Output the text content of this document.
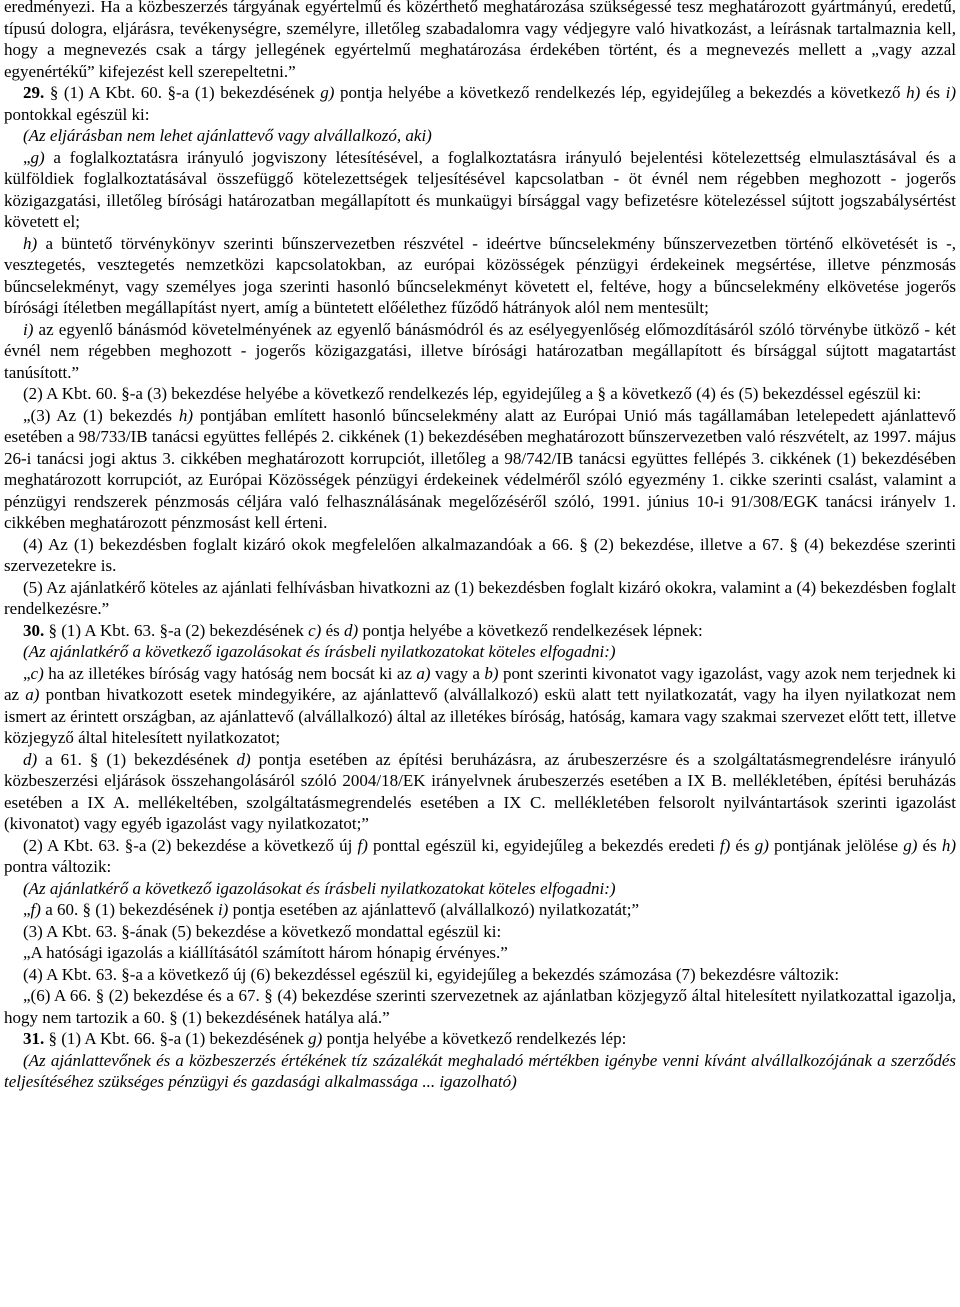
eredményezi. Ha a közbeszerzés tárgyának egyértelmű és közérthető meghatározása szükségessé tesz meghatározott gyártmányú, eredetű, típusú dologra, eljárásra, tevékenységre, személyre, illetőleg szabadalomra vagy védjegyre való hivatkozást, a leírásnak tartalmaznia kell, hogy a megnevezés csak a tárgy jellegének egyértelmű meghatározása érdekében történt, és a megnevezés mellett a „vagy azzal egyenértékű” kifejezést kell szerepeltetni.”

29. § (1) A Kbt. 60. §-a (1) bekezdésének g) pontja helyébe a következő rendelkezés lép, egyidejűleg a bekezdés a következő h) és i) pontokkal egészül ki:

(Az eljárásban nem lehet ajánlattevő vagy alvállalkozó, aki)

„g) a foglalkoztatásra irányuló jogviszony létesítésével, a foglalkoztatásra irányuló bejelentési kötelezettség elmulasztásával és a külföldiek foglalkoztatásával összefüggő kötelezettségek teljesítésével kapcsolatban - öt évnél nem régebben meghozott - jogerős közigazgatási, illetőleg bírósági határozatban megállapított és munkaügyi bírsággal vagy befizetésre kötelezéssel sújtott jogszabálysértést követett el;

h) a büntető törvénykönyv szerinti bűnszervezetben részvétel - ideértve bűncselekmény bűnszervezetben történő elkövetését is -, vesztegetés, vesztegetés nemzetközi kapcsolatokban, az európai közösségek pénzügyi érdekeinek megsértése, illetve pénzmosás bűncselekményt, vagy személyes joga szerinti hasonló bűncselekményt követett el, feltéve, hogy a bűncselekmény elkövetése jogerős bírósági ítéletben megállapítást nyert, amíg a büntetett előélethez fűződő hátrányok alól nem mentesült;

i) az egyenlő bánásmód követelményének az egyenlő bánásmódról és az esélyegyenlőség előmozdításáról szóló törvénybe ütköző - két évnél nem régebben meghozott - jogerős közigazgatási, illetve bírósági határozatban megállapított és bírsággal sújtott magatartást tanúsított.”

(2) A Kbt. 60. §-a (3) bekezdése helyébe a következő rendelkezés lép, egyidejűleg a § a következő (4) és (5) bekezdéssel egészül ki:

„(3) Az (1) bekezdés h) pontjában említett hasonló bűncselekmény alatt az Európai Unió más tagállamában letelepedett ajánlattevő esetében a 98/733/IB tanácsi együttes fellépés 2. cikkének (1) bekezdésében meghatározott bűnszervezetben való részvételt, az 1997. május 26-i tanácsi jogi aktus 3. cikkében meghatározott korrupciót, illetőleg a 98/742/IB tanácsi együttes fellépés 3. cikkének (1) bekezdésében meghatározott korrupciót, az Európai Közösségek pénzügyi érdekeinek védelméről szóló egyezmény 1. cikke szerinti csalást, valamint a pénzügyi rendszerek pénzmosás céljára való felhasználásának megelőzéséről szóló, 1991. június 10-i 91/308/EGK tanácsi irányelv 1. cikkében meghatározott pénzmosást kell érteni.

(4) Az (1) bekezdésben foglalt kizáró okok megfelelően alkalmazandóak a 66. § (2) bekezdése, illetve a 67. § (4) bekezdése szerinti szervezetekre is.

(5) Az ajánlatkérő köteles az ajánlati felhívásban hivatkozni az (1) bekezdésben foglalt kizáró okokra, valamint a (4) bekezdésben foglalt rendelkezésre.”

30. § (1) A Kbt. 63. §-a (2) bekezdésének c) és d) pontja helyébe a következő rendelkezések lépnek:

(Az ajánlatkérő a következő igazolásokat és írásbeli nyilatkozatokat köteles elfogadni:)

„c) ha az illetékes bíróság vagy hatóság nem bocsát ki az a) vagy a b) pont szerinti kivonatot vagy igazolást, vagy azok nem terjednek ki az a) pontban hivatkozott esetek mindegyikére, az ajánlattevő (alvállalkozó) eskü alatt tett nyilatkozatát, vagy ha ilyen nyilatkozat nem ismert az érintett országban, az ajánlattevő (alvállalkozó) által az illetékes bíróság, hatóság, kamara vagy szakmai szervezet előtt tett, illetve közjegyző által hitelesített nyilatkozatot;

d) a 61. § (1) bekezdésének d) pontja esetében az építési beruházásra, az árubeszerzésre és a szolgáltatásmegrendelésre irányuló közbeszerzési eljárások összehangolásáról szóló 2004/18/EK irányelvnek árubeszerzés esetében a IX B. mellékletében, építési beruházás esetében a IX A. mellékeltében, szolgáltatásmegrendelés esetében a IX C. mellékletében felsorolt nyilvántartások szerinti igazolást (kivonatot) vagy egyéb igazolást vagy nyilatkozatot;”

(2) A Kbt. 63. §-a (2) bekezdése a következő új f) ponttal egészül ki, egyidejűleg a bekezdés eredeti f) és g) pontjának jelölése g) és h) pontra változik:

(Az ajánlatkérő a következő igazolásokat és írásbeli nyilatkozatokat köteles elfogadni:)

„f) a 60. § (1) bekezdésének i) pontja esetében az ajánlattevő (alvállalkozó) nyilatkozatát;”

(3) A Kbt. 63. §-ának (5) bekezdése a következő mondattal egészül ki:

„A hatósági igazolás a kiállításától számított három hónapig érvényes.”

(4) A Kbt. 63. §-a a következő új (6) bekezdéssel egészül ki, egyidejűleg a bekezdés számozása (7) bekezdésre változik:

„(6) A 66. § (2) bekezdése és a 67. § (4) bekezdése szerinti szervezetnek az ajánlatban közjegyző által hitelesített nyilatkozattal igazolja, hogy nem tartozik a 60. § (1) bekezdésének hatálya alá.”

31. § (1) A Kbt. 66. §-a (1) bekezdésének g) pontja helyébe a következő rendelkezés lép:

(Az ajánlattevőnek és a közbeszerzés értékének tíz százalékát meghaladó mértékben igénybe venni kívánt alvállalkozójának a szerződés teljesítéséhez szükséges pénzügyi és gazdasági alkalmassága ... igazolható)
